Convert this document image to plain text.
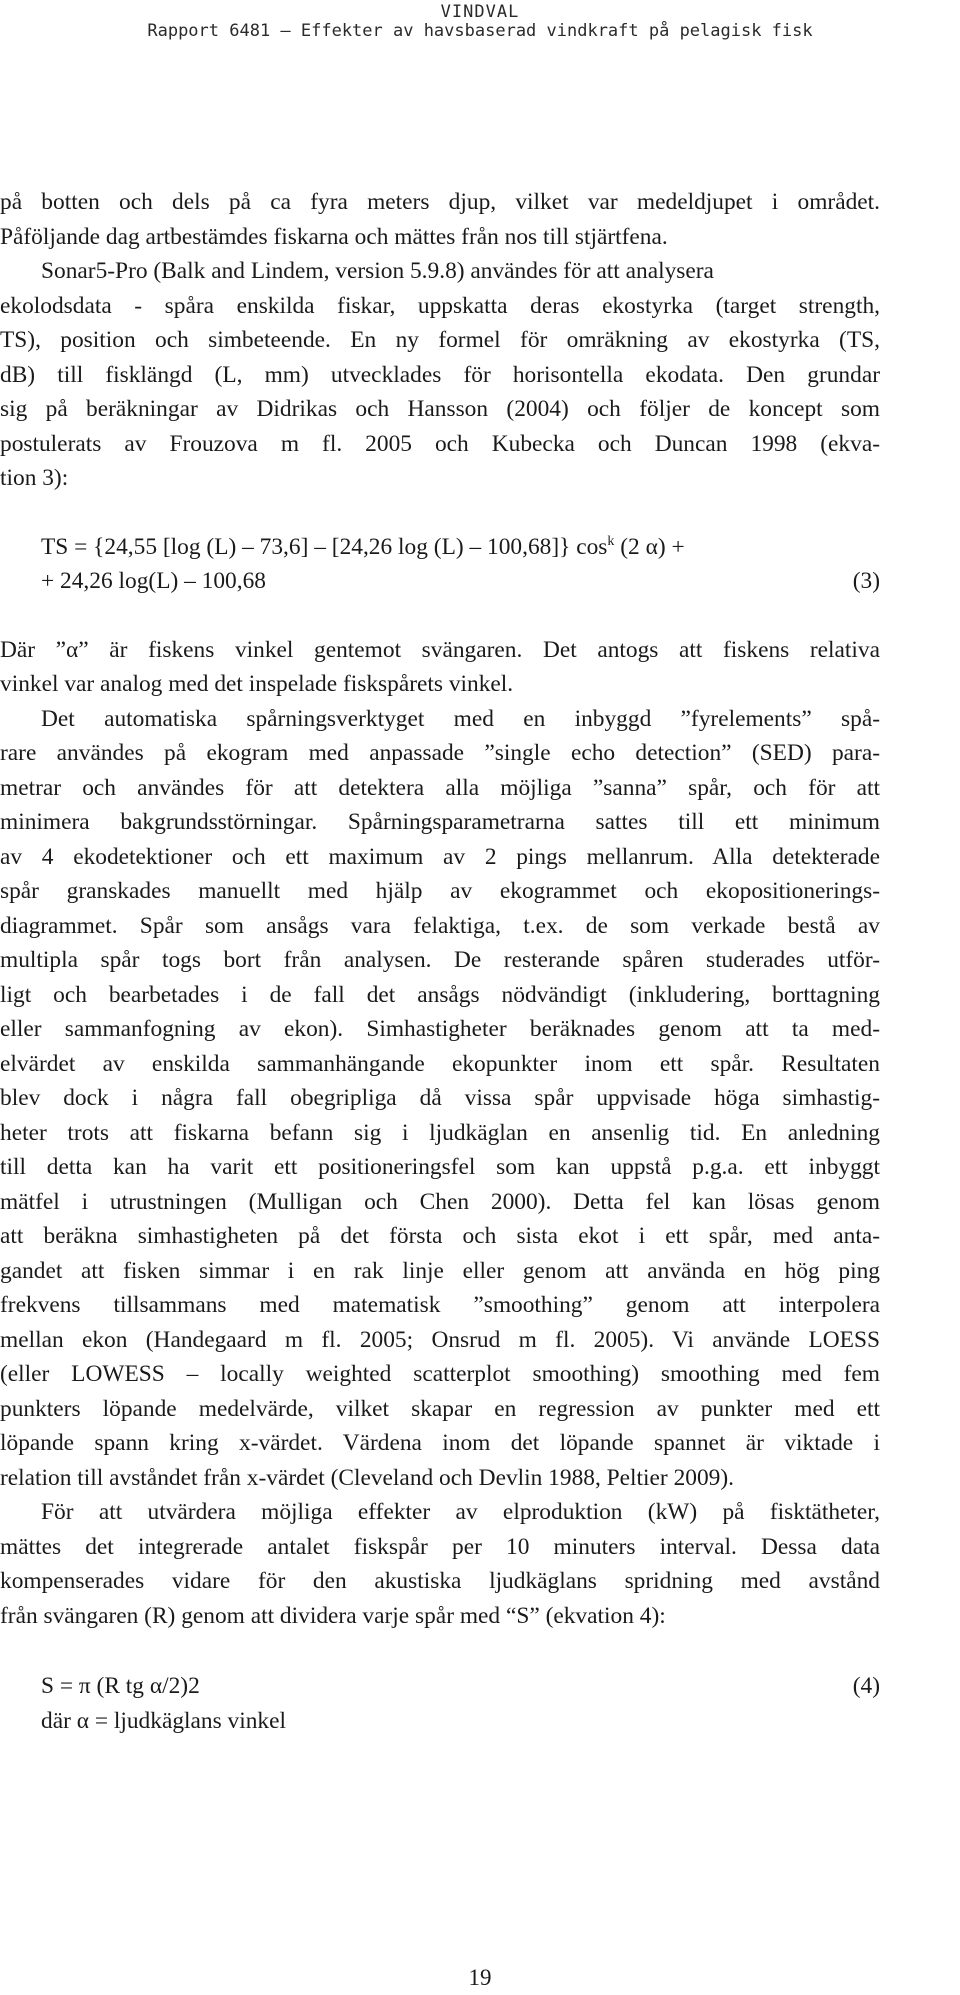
VINDVAL
Rapport 6481 – Effekter av havsbaserad vindkraft på pelagisk fisk
på botten och dels på ca fyra meters djup, vilket var medeldjupet i området.
Påföljande dag artbestämdes fiskarna och mättes från nos till stjärtfena.
Sonar5-Pro (Balk and Lindem, version 5.9.8) användes för att analysera
ekolodsdata - spåra enskilda fiskar, uppskatta deras ekostyrka (target strength,
TS), position och simbeteende. En ny formel för omräkning av ekostyrka (TS,
dB) till fisklängd (L, mm) utvecklades för horisontella ekodata. Den grundar
sig på beräkningar av Didrikas och Hansson (2004) och följer de koncept som
postulerats av Frouzova m fl. 2005 och Kubecka och Duncan 1998 (ekva-
tion 3):
TS = {24,55 [log (L) – 73,6] – [24,26 log (L) – 100,68]} $\cos^k (2$ α) +
+ 24,26 log(L) – 100,68	(3)
Där ”α” är fiskens vinkel gentemot svängaren. Det antogs att fiskens relativa
vinkel var analog med det inspelade fiskspårets vinkel.
Det automatiska spårningsverktyget med en inbyggd ”fyrelements” spå-
rare användes på ekogram med anpassade ”single echo detection” (SED) para-
metrar och användes för att detektera alla möjliga ”sanna” spår, och för att
minimera bakgrundsstörningar. Spårningsparametrarna sattes till ett minimum
av 4 ekodetektioner och ett maximum av 2 pings mellanrum. Alla detekterade
spår granskades manuellt med hjälp av ekogrammet och ekopositionerings-
diagrammet. Spår som ansågs vara felaktiga, t.ex. de som verkade bestå av
multipla spår togs bort från analysen. De resterande spåren studerades utför-
ligt och bearbetades i de fall det ansågs nödvändigt (inkludering, borttagning
eller sammanfogning av ekon). Simhastigheter beräknades genom att ta med-
elvärdet av enskilda sammanhängande ekopunkter inom ett spår. Resultaten
blev dock i några fall obegripliga då vissa spår uppvisade höga simhastig-
heter trots att fiskarna befann sig i ljudkäglan en ansenlig tid. En anledning
till detta kan ha varit ett positioneringsfel som kan uppstå p.g.a. ett inbyggt
mätfel i utrustningen (Mulligan och Chen 2000). Detta fel kan lösas genom
att beräkna simhastigheten på det första och sista ekot i ett spår, med anta-
gandet att fisken simmar i en rak linje eller genom att använda en hög ping
frekvens tillsammans med matematisk ”smoothing” genom att interpolera
mellan ekon (Handegaard m fl. 2005; Onsrud m fl. 2005). Vi använde LOESS
(eller LOWESS – locally weighted scatterplot smoothing) smoothing med fem
punkters löpande medelvärde, vilket skapar en regression av punkter med ett
löpande spann kring x-värdet. Värdena inom det löpande spannet är viktade i
relation till avståndet från x-värdet (Cleveland och Devlin 1988, Peltier 2009).
För att utvärdera möjliga effekter av elproduktion (kW) på fisktätheter,
mättes det integrerade antalet fiskspår per 10 minuters interval. Dessa data
kompenserades vidare för den akustiska ljudkäglans spridning med avstånd
från svängaren (R) genom att dividera varje spår med “S” (ekvation 4):
S = π (R tg α/2)2	(4)
där α = ljudkäglans vinkel
19
